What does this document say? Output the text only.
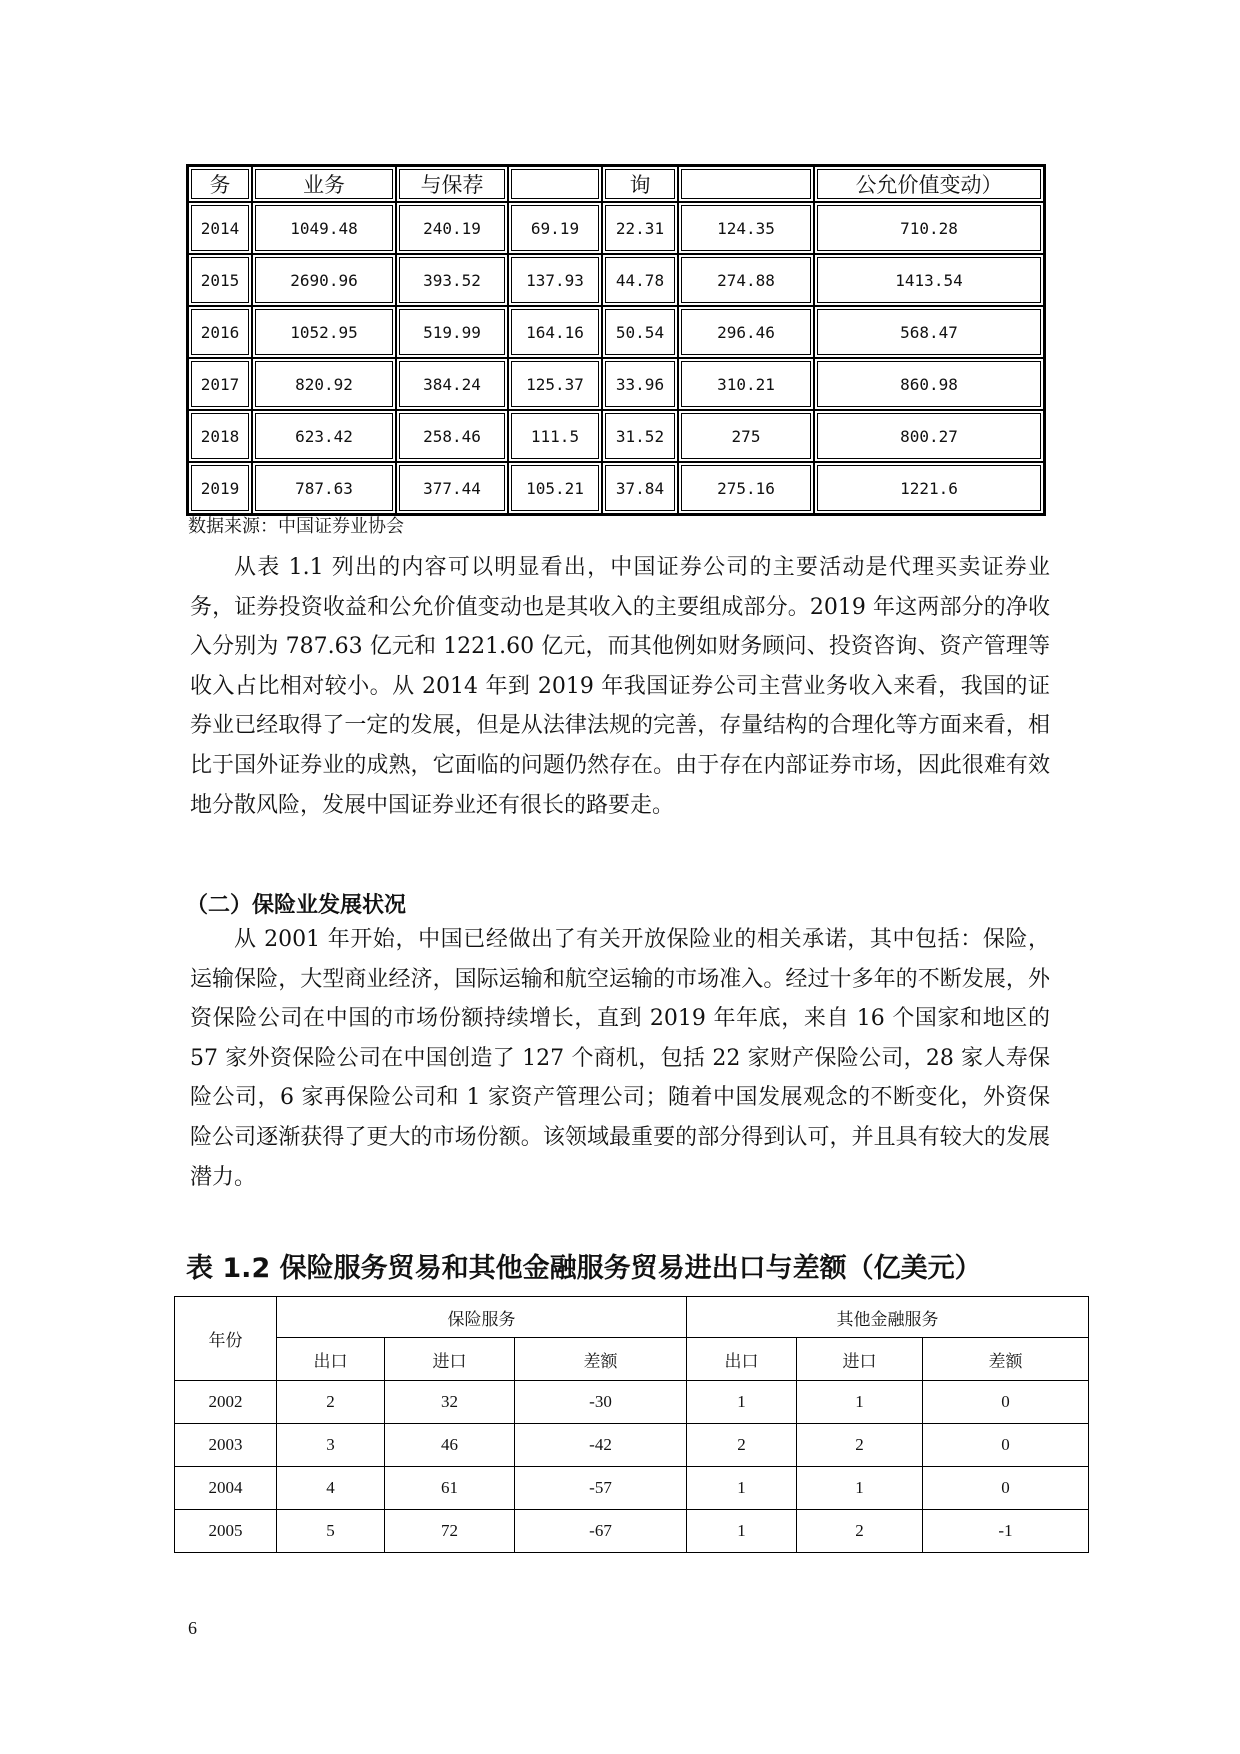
务	业务	与保荐		询		公允价值变动）
2014	1049.48	240.19	69.19	22.31	124.35	710.28
2015	2690.96	393.52	137.93	44.78	274.88	1413.54
2016	1052.95	519.99	164.16	50.54	296.46	568.47
2017	820.92	384.24	125.37	33.96	310.21	860.98
2018	623.42	258.46	111.5	31.52	275	800.27
2019	787.63	377.44	105.21	37.84	275.16	1221.6
数据来源：中国证券业协会

从表 1.1 列出的内容可以明显看出，中国证券公司的主要活动是代理买卖证券业务，证券投资收益和公允价值变动也是其收入的主要组成部分。2019 年这两部分的净收入分别为 787.63 亿元和 1221.60 亿元，而其他例如财务顾问、投资咨询、资产管理等收入占比相对较小。从 2014 年到 2019 年我国证券公司主营业务收入来看，我国的证券业已经取得了一定的发展，但是从法律法规的完善，存量结构的合理化等方面来看，相比于国外证券业的成熟，它面临的问题仍然存在。由于存在内部证券市场，因此很难有效地分散风险，发展中国证券业还有很长的路要走。

（二）保险业发展状况

从 2001 年开始，中国已经做出了有关开放保险业的相关承诺，其中包括：保险，运输保险，大型商业经济，国际运输和航空运输的市场准入。经过十多年的不断发展，外资保险公司在中国的市场份额持续增长，直到 2019 年年底，来自 16 个国家和地区的 57 家外资保险公司在中国创造了 127 个商机，包括 22 家财产保险公司，28 家人寿保险公司，6 家再保险公司和 1 家资产管理公司；随着中国发展观念的不断变化，外资保险公司逐渐获得了更大的市场份额。该领域最重要的部分得到认可，并且具有较大的发展潜力。

表 1.2 保险服务贸易和其他金融服务贸易进出口与差额（亿美元）
年份	保险服务			其他金融服务		
	出口	进口	差额	出口	进口	差额
2002	2	32	-30	1	1	0
2003	3	46	-42	2	2	0
2004	4	61	-57	1	1	0
2005	5	72	-67	1	2	-1
6
